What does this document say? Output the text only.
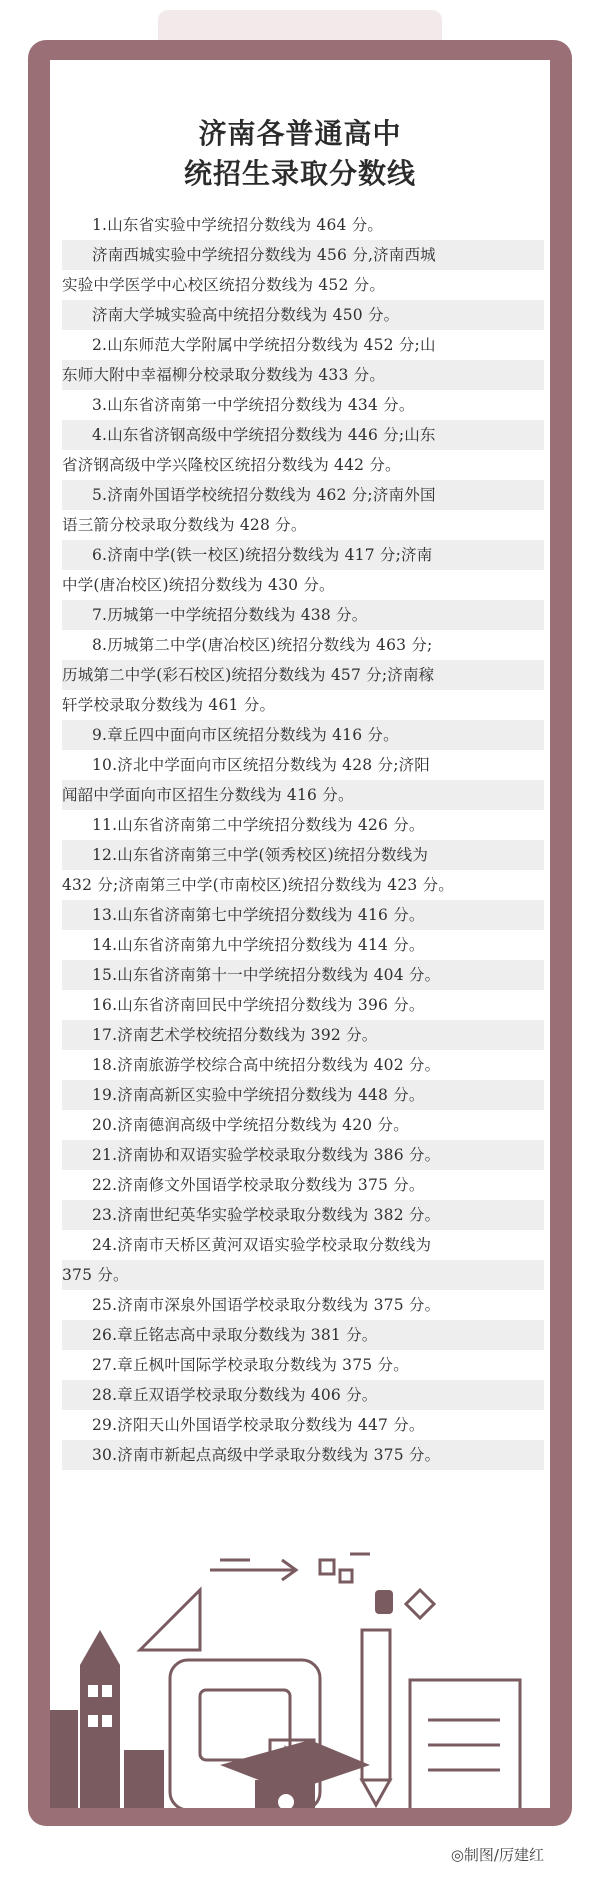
济南各普通高中
统招生录取分数线
1.山东省实验中学统招分数线为 464 分。
济南西城实验中学统招分数线为 456 分,济南西城
实验中学医学中心校区统招分数线为 452 分。
济南大学城实验高中统招分数线为 450 分。
2.山东师范大学附属中学统招分数线为 452 分;山
东师大附中幸福柳分校录取分数线为 433 分。
3.山东省济南第一中学统招分数线为 434 分。
4.山东省济钢高级中学统招分数线为 446 分;山东
省济钢高级中学兴隆校区统招分数线为 442 分。
5.济南外国语学校统招分数线为 462 分;济南外国
语三箭分校录取分数线为 428 分。
6.济南中学(铁一校区)统招分数线为 417 分;济南
中学(唐冶校区)统招分数线为 430 分。
7.历城第一中学统招分数线为 438 分。
8.历城第二中学(唐冶校区)统招分数线为 463 分;
历城第二中学(彩石校区)统招分数线为 457 分;济南稼
轩学校录取分数线为 461 分。
9.章丘四中面向市区统招分数线为 416 分。
10.济北中学面向市区统招分数线为 428 分;济阳
闻韶中学面向市区招生分数线为 416 分。
11.山东省济南第二中学统招分数线为 426 分。
12.山东省济南第三中学(领秀校区)统招分数线为
432 分;济南第三中学(市南校区)统招分数线为 423 分。
13.山东省济南第七中学统招分数线为 416 分。
14.山东省济南第九中学统招分数线为 414 分。
15.山东省济南第十一中学统招分数线为 404 分。
16.山东省济南回民中学统招分数线为 396 分。
17.济南艺术学校统招分数线为 392 分。
18.济南旅游学校综合高中统招分数线为 402 分。
19.济南高新区实验中学统招分数线为 448 分。
20.济南德润高级中学统招分数线为 420 分。
21.济南协和双语实验学校录取分数线为 386 分。
22.济南修文外国语学校录取分数线为 375 分。
23.济南世纪英华实验学校录取分数线为 382 分。
24.济南市天桥区黄河双语实验学校录取分数线为
375 分。
25.济南市深泉外国语学校录取分数线为 375 分。
26.章丘铭志高中录取分数线为 381 分。
27.章丘枫叶国际学校录取分数线为 375 分。
28.章丘双语学校录取分数线为 406 分。
29.济阳天山外国语学校录取分数线为 447 分。
30.济南市新起点高级中学录取分数线为 375 分。
◎制图/厉建红
